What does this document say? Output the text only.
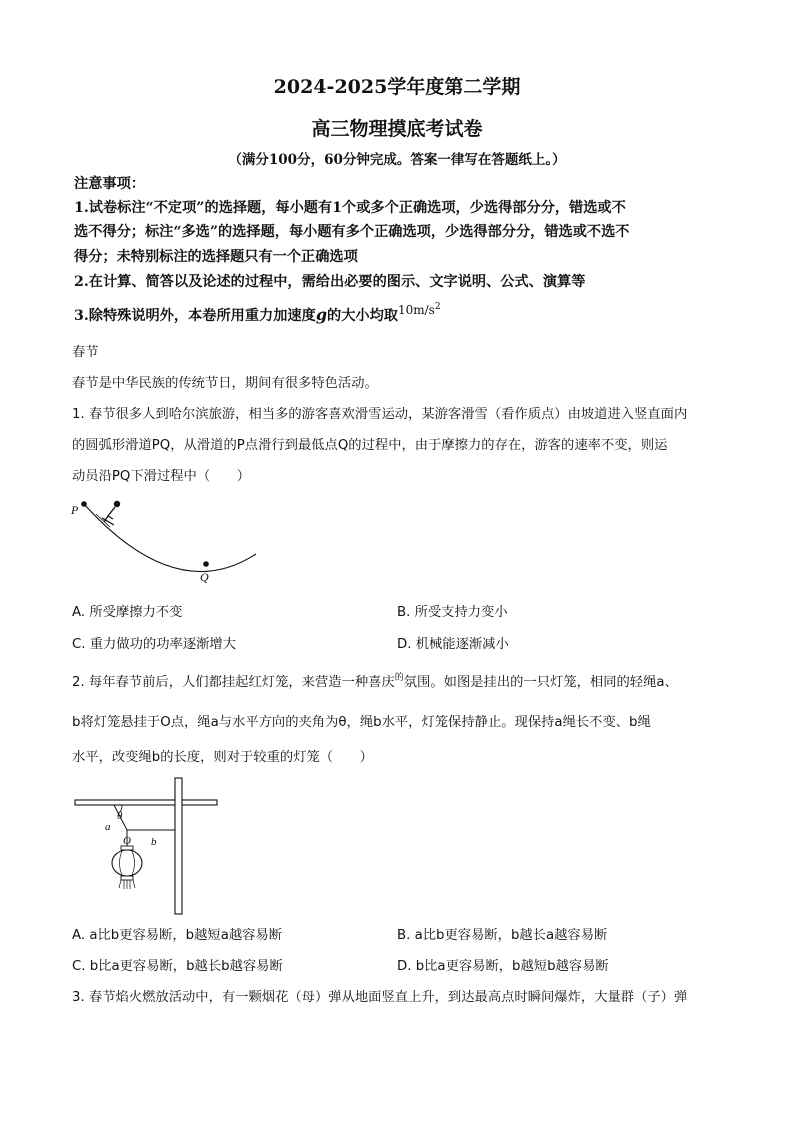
2024-2025学年度第二学期
高三物理摸底考试卷
（满分100分，60分钟完成。答案一律写在答题纸上。）
注意事项：
1.试卷标注“不定项”的选择题，每小题有1个或多个正确选项，少选得部分分，错选或不
选不得分；标注“多选”的选择题，每小题有多个正确选项，少选得部分分，错选或不选不
得分；未特别标注的选择题只有一个正确选项
2.在计算、简答以及论述的过程中，需给出必要的图示、文字说明、公式、演算等
3.除特殊说明外，本卷所用重力加速度g的大小均取$^{10m/s^2}$
春节
春节是中华民族的传统节日，期间有很多特色活动。
1. 春节很多人到哈尔滨旅游，相当多的游客喜欢滑雪运动，某游客滑雪（看作质点）由坡道进入竖直面内
的圆弧形滑道PQ，从滑道的P点滑行到最低点Q的过程中，由于摩擦力的存在，游客的速率不变，则运
动员沿PQ下滑过程中（　　）
P
Q
A. 所受摩擦力不变	B. 所受支持力变小
C. 重力做功的功率逐渐增大	D. 机械能逐渐减小
2. 每年春节前后，人们都挂起红灯笼，来营造一种喜庆$^的$氛围。如图是挂出的一只灯笼，相同的轻绳a、
b将灯笼悬挂于O点，绳a与水平方向的夹角为θ，绳b水平，灯笼保持静止。现保持a绳长不变、b绳
水平，改变绳b的长度，则对于较重的灯笼（　　）
θ
a
O b
A. a比b更容易断，b越短a越容易断	B. a比b更容易断，b越长a越容易断
C. b比a更容易断，b越长b越容易断	D. b比a更容易断，b越短b越容易断
3. 春节焰火燃放活动中，有一颗烟花（母）弹从地面竖直上升，到达最高点时瞬间爆炸，大量群（子）弹
